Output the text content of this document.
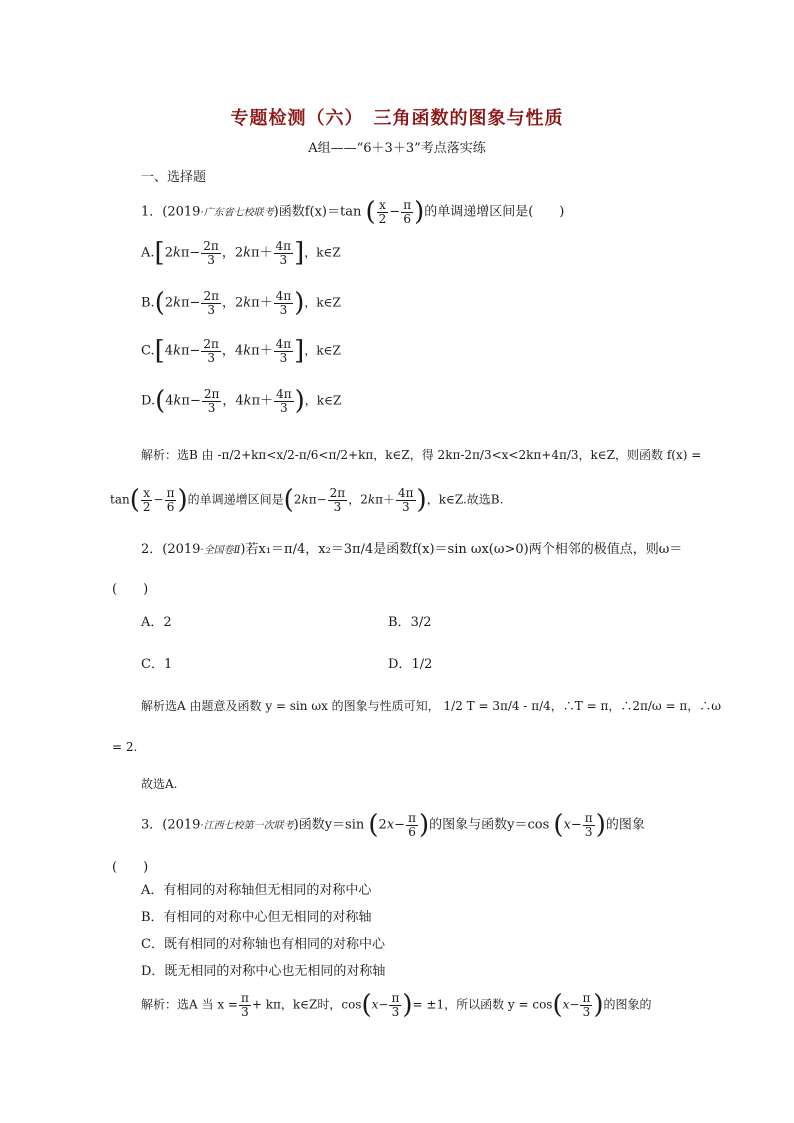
专题检测（六）　三角函数的图象与性质
A组——“6＋3＋3”考点落实练
一、选择题
1．(2019·广东省七校联考)函数f(x)＝tan ( $\frac{x}{2} - \frac{\pi}{6}$ )的单调递增区间是(　　)
$A.[2k\pi- \frac{2\pi}{3}$ ，$2k\pi+ \frac{4\pi}{3}$ ]，k∈Z
$B.(2k\pi- \frac{2\pi}{3}$ ，$2k\pi+ \frac{4\pi}{3}$ )，k∈Z
$C.[4k\pi- \frac{2\pi}{3}$ ，$4k\pi+ \frac{4\pi}{3}$ ]，k∈Z
$D.(4k\pi- \frac{2\pi}{3}$ ，$4k\pi+ \frac{4\pi}{3}$ )，k∈Z
解析：选B 由 -π/2+kπ<x/2-π/6<π/2+kπ，k∈Z，得 2kπ-2π/3<x<2kπ+4π/3，k∈Z，则函数 f(x) =
$\tan( \frac{x}{2} - \frac{\pi}{6}$ )的单调递增区间是($2k\pi- \frac{2\pi}{3}$ ，$2k\pi+ \frac{4\pi}{3}$ )，k∈Z.故选B.
2．(2019·全国卷Ⅱ)若x₁＝π/4，x₂＝3π/4是函数f(x)＝sin ωx(ω>0)两个相邻的极值点，则ω＝
(　　)
A．2	B．3/2
C．1	D．1/2
解析选A 由题意及函数 y = sin ωx 的图象与性质可知， 1/2 T = 3π/4 - π/4，∴T = π，∴2π/ω = π，∴ω
= 2.
故选A.
3．(2019·江西七校第一次联考)函数y＝sin ($2x- \frac{\pi}{6}$ )的图象与函数y＝cos ($x- \frac{\pi}{3}$ )的图象
(　　)
A．有相同的对称轴但无相同的对称中心
B．有相同的对称中心但无相同的对称轴
C．既有相同的对称轴也有相同的对称中心
D．既无相同的对称中心也无相同的对称轴
解析：选A 当 $x = \frac{\pi}{3} + k\pi$，k∈Z时，$\cos(x- \frac{\pi}{3}$ )= ±1，所以函数 $y = \cos(x- \frac{\pi}{3}$ )的图象的
